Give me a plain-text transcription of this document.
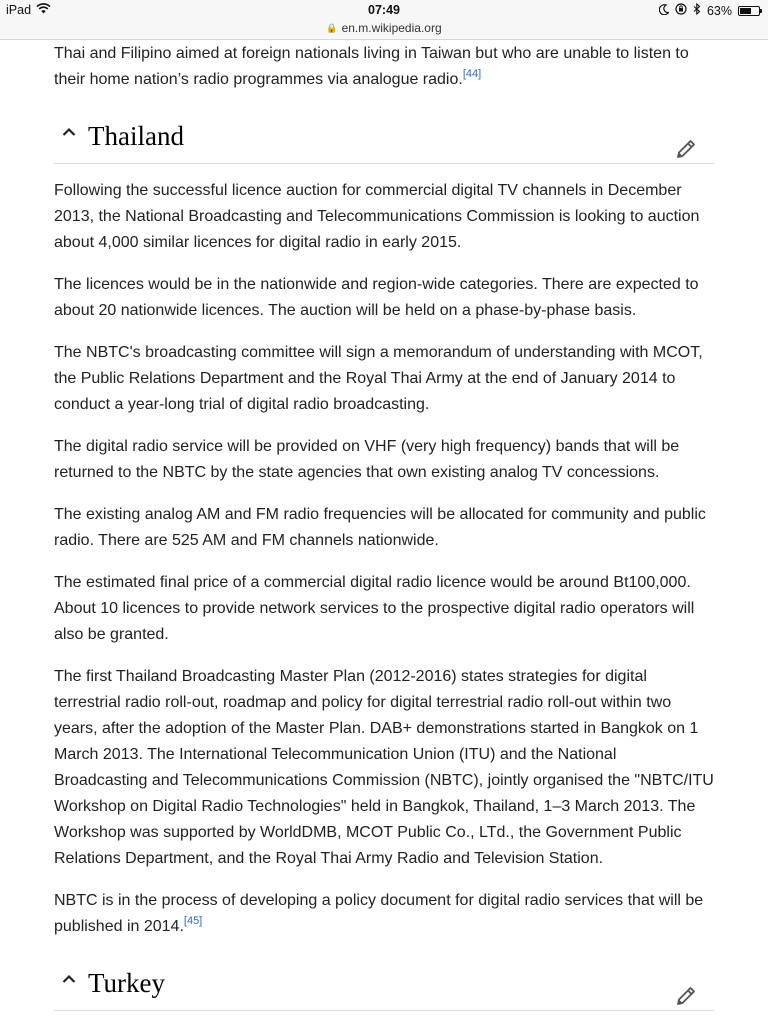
iPad	07:49
🔒 en.m.wikipedia.org
63%

Thai and Filipino aimed at foreign nationals living in Taiwan but who are unable to listen to their home nation’s radio programmes via analogue radio.[44]

Thailand

Following the successful licence auction for commercial digital TV channels in December 2013, the National Broadcasting and Telecommunications Commission is looking to auction about 4,000 similar licences for digital radio in early 2015.

The licences would be in the nationwide and region-wide categories. There are expected to about 20 nationwide licences. The auction will be held on a phase-by-phase basis.

The NBTC's broadcasting committee will sign a memorandum of understanding with MCOT, the Public Relations Department and the Royal Thai Army at the end of January 2014 to conduct a year-long trial of digital radio broadcasting.

The digital radio service will be provided on VHF (very high frequency) bands that will be returned to the NBTC by the state agencies that own existing analog TV concessions.

The existing analog AM and FM radio frequencies will be allocated for community and public radio. There are 525 AM and FM channels nationwide.

The estimated final price of a commercial digital radio licence would be around Bt100,000. About 10 licences to provide network services to the prospective digital radio operators will also be granted.

The first Thailand Broadcasting Master Plan (2012-2016) states strategies for digital terrestrial radio roll-out, roadmap and policy for digital terrestrial radio roll-out within two years, after the adoption of the Master Plan. DAB+ demonstrations started in Bangkok on 1 March 2013. The International Telecommunication Union (ITU) and the National Broadcasting and Telecommunications Commission (NBTC), jointly organised the "NBTC/ITU Workshop on Digital Radio Technologies" held in Bangkok, Thailand, 1–3 March 2013. The Workshop was supported by WorldDMB, MCOT Public Co., LTd., the Government Public Relations Department, and the Royal Thai Army Radio and Television Station.

NBTC is in the process of developing a policy document for digital radio services that will be published in 2014.[45]

Turkey
